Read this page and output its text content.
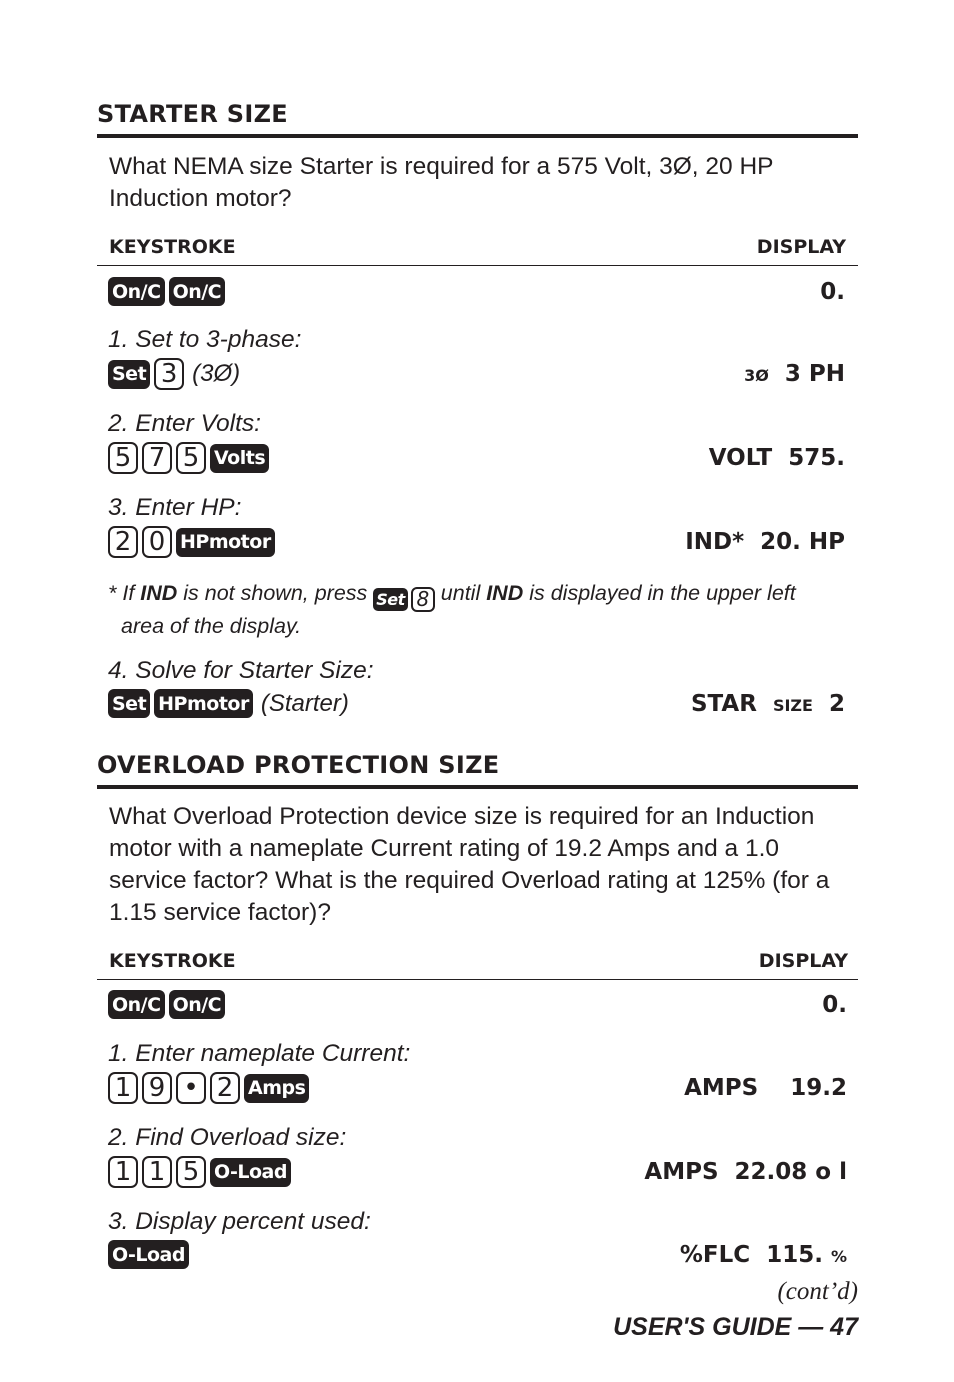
STARTER SIZE
What NEMA size Starter is required for a 575 Volt, 3Ø, 20 HP Induction motor?
KEYSTROKE	DISPLAY
On/C On/C	0.
1. Set to 3-phase:
Set 3 (3Ø)	3Ø 3 PH
2. Enter Volts:
5 7 5 Volts	VOLT  575.
3. Enter HP:
2 0 HPmotor	IND*  20. HP
* If IND is not shown, press Set 8 until IND is displayed in the upper left
area of the display.
4. Solve for Starter Size:
Set HPmotor (Starter)	STAR SIZE 2
OVERLOAD PROTECTION SIZE
What Overload Protection device size is required for an Induction motor with a nameplate Current rating of 19.2 Amps and a 1.0 service factor? What is the required Overload rating at 125% (for a 1.15 service factor)?
KEYSTROKE	DISPLAY
On/C On/C	0.
1. Enter nameplate Current:
1 9 • 2 Amps	AMPS    19.2
2. Find Overload size:
1 1 5 O-Load	AMPS  22.08 o l
3. Display percent used:
O-Load	%FLC  115. %
(cont’d)
USER'S GUIDE — 47
